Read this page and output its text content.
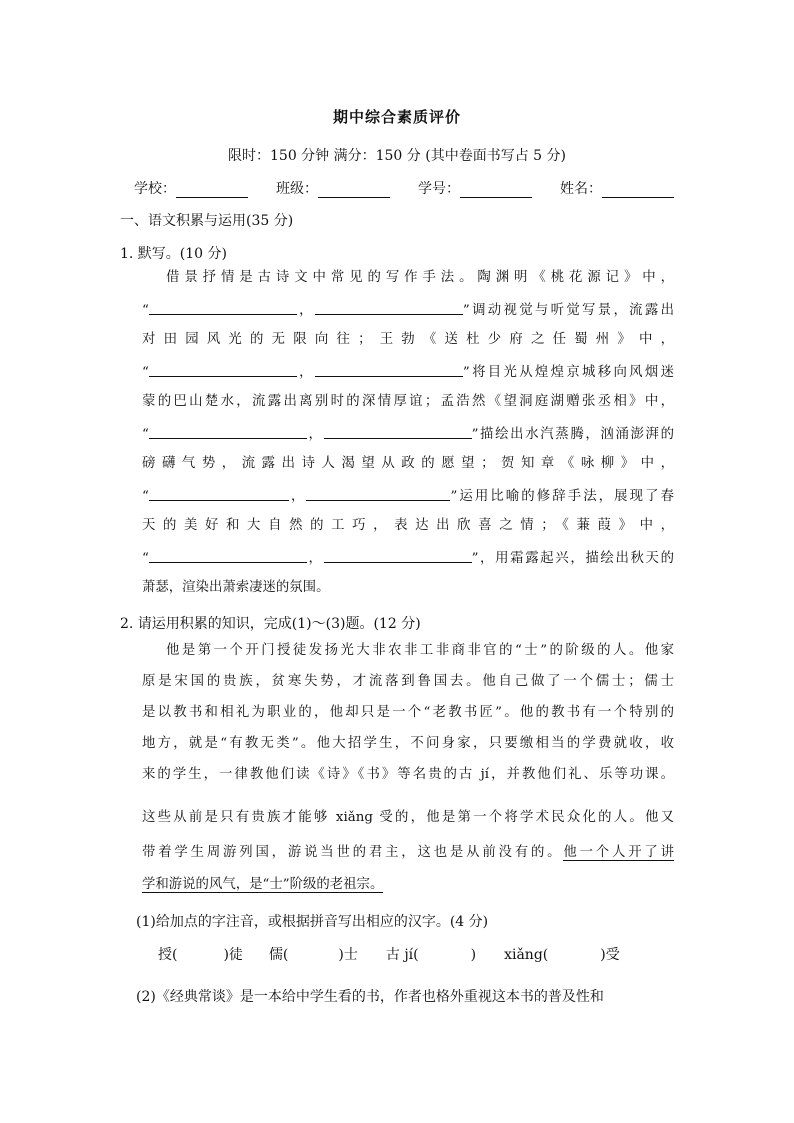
期中综合素质评价
限时：150 分钟 满分：150 分 (其中卷面书写占 5 分)
学校：	班级：	学号：	姓名：
一、语文积累与运用(35 分)
1. 默写。(10 分)
借景抒情是古诗文中常见的写作手法。陶渊明《桃花源记》中，
“	，	”调动视觉与听觉写景，流露出
对田园风光的无限向往；王勃《送杜少府之任蜀州》中，
“	，	”将目光从煌煌京城移向风烟迷
蒙的巴山楚水，流露出离别时的深情厚谊；孟浩然《望洞庭湖赠张丞相》中，
“	，	”描绘出水汽蒸腾，汹涌澎湃的
磅礴气势，流露出诗人渴望从政的愿望；贺知章《咏柳》中，
“	，	”运用比喻的修辞手法，展现了春
天的美好和大自然的工巧，表达出欣喜之情；《蒹葭》中，
“	，	”，用霜露起兴，描绘出秋天的
萧瑟，渲染出萧索凄迷的氛围。
2. 请运用积累的知识，完成(1)～(3)题。(12 分)
他是第一个开门授徒发扬光大非农非工非商非官的“士”的阶级的人。他家
原是宋国的贵族，贫寒失势，才流落到鲁国去。他自己做了一个儒士；儒士
是以教书和相礼为职业的，他却只是一个“老教书匠”。他的教书有一个特别的
地方，就是“有教无类”。他大招学生，不问身家，只要缴相当的学费就收，收
来的学生，一律教他们读《诗》《书》等名贵的古 jí，并教他们礼、乐等功课。
这些从前是只有贵族才能够 xiǎng 受的，他是第一个将学术民众化的人。他又
带着学生周游列国，游说当世的君主，这也是从前没有的。他一个人开了讲
学和游说的风气，是“士”阶级的老祖宗。
(1)给加点的字注音，或根据拼音写出相应的汉字。(4 分)
授(	)徒 儒(	)士 古 jí(	) xiǎng(	)受
(2)《经典常谈》是一本给中学生看的书，作者也格外重视这本书的普及性和
